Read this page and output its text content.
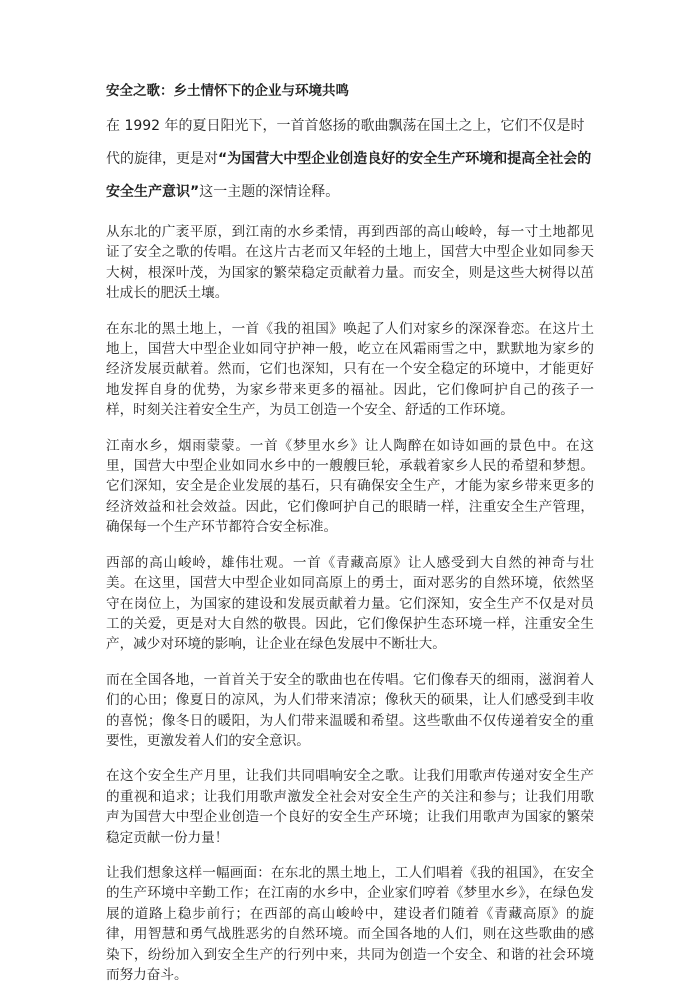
安全之歌：乡土情怀下的企业与环境共鸣

在 1992 年的夏日阳光下，一首首悠扬的歌曲飘荡在国土之上，它们不仅是时代的旋律，更是对“为国营大中型企业创造良好的安全生产环境和提高全社会的安全生产意识”这一主题的深情诠释。

从东北的广袤平原，到江南的水乡柔情，再到西部的高山峻岭，每一寸土地都见证了安全之歌的传唱。在这片古老而又年轻的土地上，国营大中型企业如同参天大树，根深叶茂，为国家的繁荣稳定贡献着力量。而安全，则是这些大树得以茁壮成长的肥沃土壤。

在东北的黑土地上，一首《我的祖国》唤起了人们对家乡的深深眷恋。在这片土地上，国营大中型企业如同守护神一般，屹立在风霜雨雪之中，默默地为家乡的经济发展贡献着。然而，它们也深知，只有在一个安全稳定的环境中，才能更好地发挥自身的优势，为家乡带来更多的福祉。因此，它们像呵护自己的孩子一样，时刻关注着安全生产，为员工创造一个安全、舒适的工作环境。

江南水乡，烟雨蒙蒙。一首《梦里水乡》让人陶醉在如诗如画的景色中。在这里，国营大中型企业如同水乡中的一艘艘巨轮，承载着家乡人民的希望和梦想。它们深知，安全是企业发展的基石，只有确保安全生产，才能为家乡带来更多的经济效益和社会效益。因此，它们像呵护自己的眼睛一样，注重安全生产管理，确保每一个生产环节都符合安全标准。

西部的高山峻岭，雄伟壮观。一首《青藏高原》让人感受到大自然的神奇与壮美。在这里，国营大中型企业如同高原上的勇士，面对恶劣的自然环境，依然坚守在岗位上，为国家的建设和发展贡献着力量。它们深知，安全生产不仅是对员工的关爱，更是对大自然的敬畏。因此，它们像保护生态环境一样，注重安全生产，减少对环境的影响，让企业在绿色发展中不断壮大。

而在全国各地，一首首关于安全的歌曲也在传唱。它们像春天的细雨，滋润着人们的心田；像夏日的凉风，为人们带来清凉；像秋天的硕果，让人们感受到丰收的喜悦；像冬日的暖阳，为人们带来温暖和希望。这些歌曲不仅传递着安全的重要性，更激发着人们的安全意识。

在这个安全生产月里，让我们共同唱响安全之歌。让我们用歌声传递对安全生产的重视和追求；让我们用歌声激发全社会对安全生产的关注和参与；让我们用歌声为国营大中型企业创造一个良好的安全生产环境；让我们用歌声为国家的繁荣稳定贡献一份力量！

让我们想象这样一幅画面：在东北的黑土地上，工人们唱着《我的祖国》，在安全的生产环境中辛勤工作；在江南的水乡中，企业家们哼着《梦里水乡》，在绿色发展的道路上稳步前行；在西部的高山峻岭中，建设者们随着《青藏高原》的旋律，用智慧和勇气战胜恶劣的自然环境。而全国各地的人们，则在这些歌曲的感染下，纷纷加入到安全生产的行列中来，共同为创造一个安全、和谐的社会环境而努力奋斗。
